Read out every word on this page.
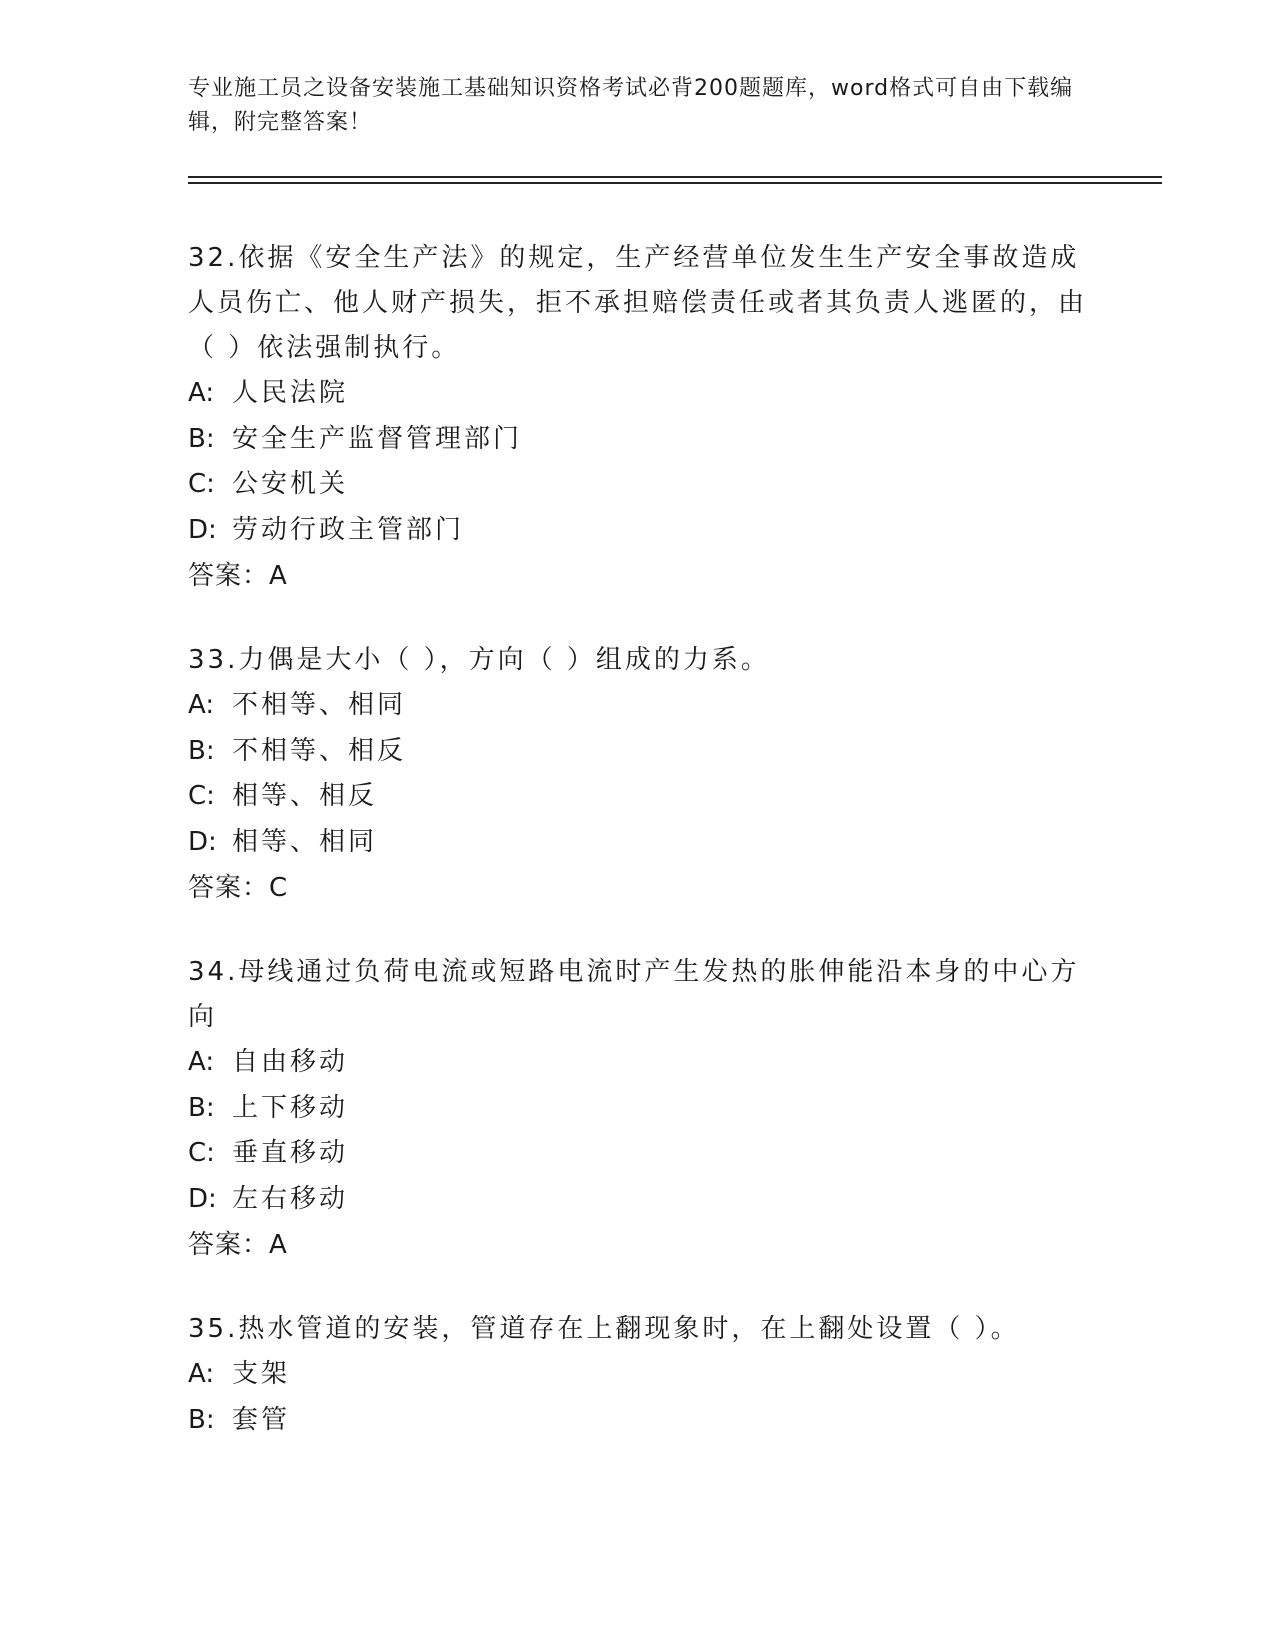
专业施工员之设备安装施工基础知识资格考试必背200题题库，word格式可自由下载编辑，附完整答案！

32.依据《安全生产法》的规定，生产经营单位发生生产安全事故造成人员伤亡、他人财产损失，拒不承担赔偿责任或者其负责人逃匿的，由（ ）依法强制执行。

A: 人民法院

B: 安全生产监督管理部门

C: 公安机关

D: 劳动行政主管部门

答案：A

33.力偶是大小（ ），方向（ ）组成的力系。

A: 不相等、相同

B: 不相等、相反

C: 相等、相反

D: 相等、相同

答案：C

34.母线通过负荷电流或短路电流时产生发热的胀伸能沿本身的中心方向

A: 自由移动

B: 上下移动

C: 垂直移动

D: 左右移动

答案：A

35.热水管道的安装，管道存在上翻现象时，在上翻处设置（ ）。

A: 支架

B: 套管
